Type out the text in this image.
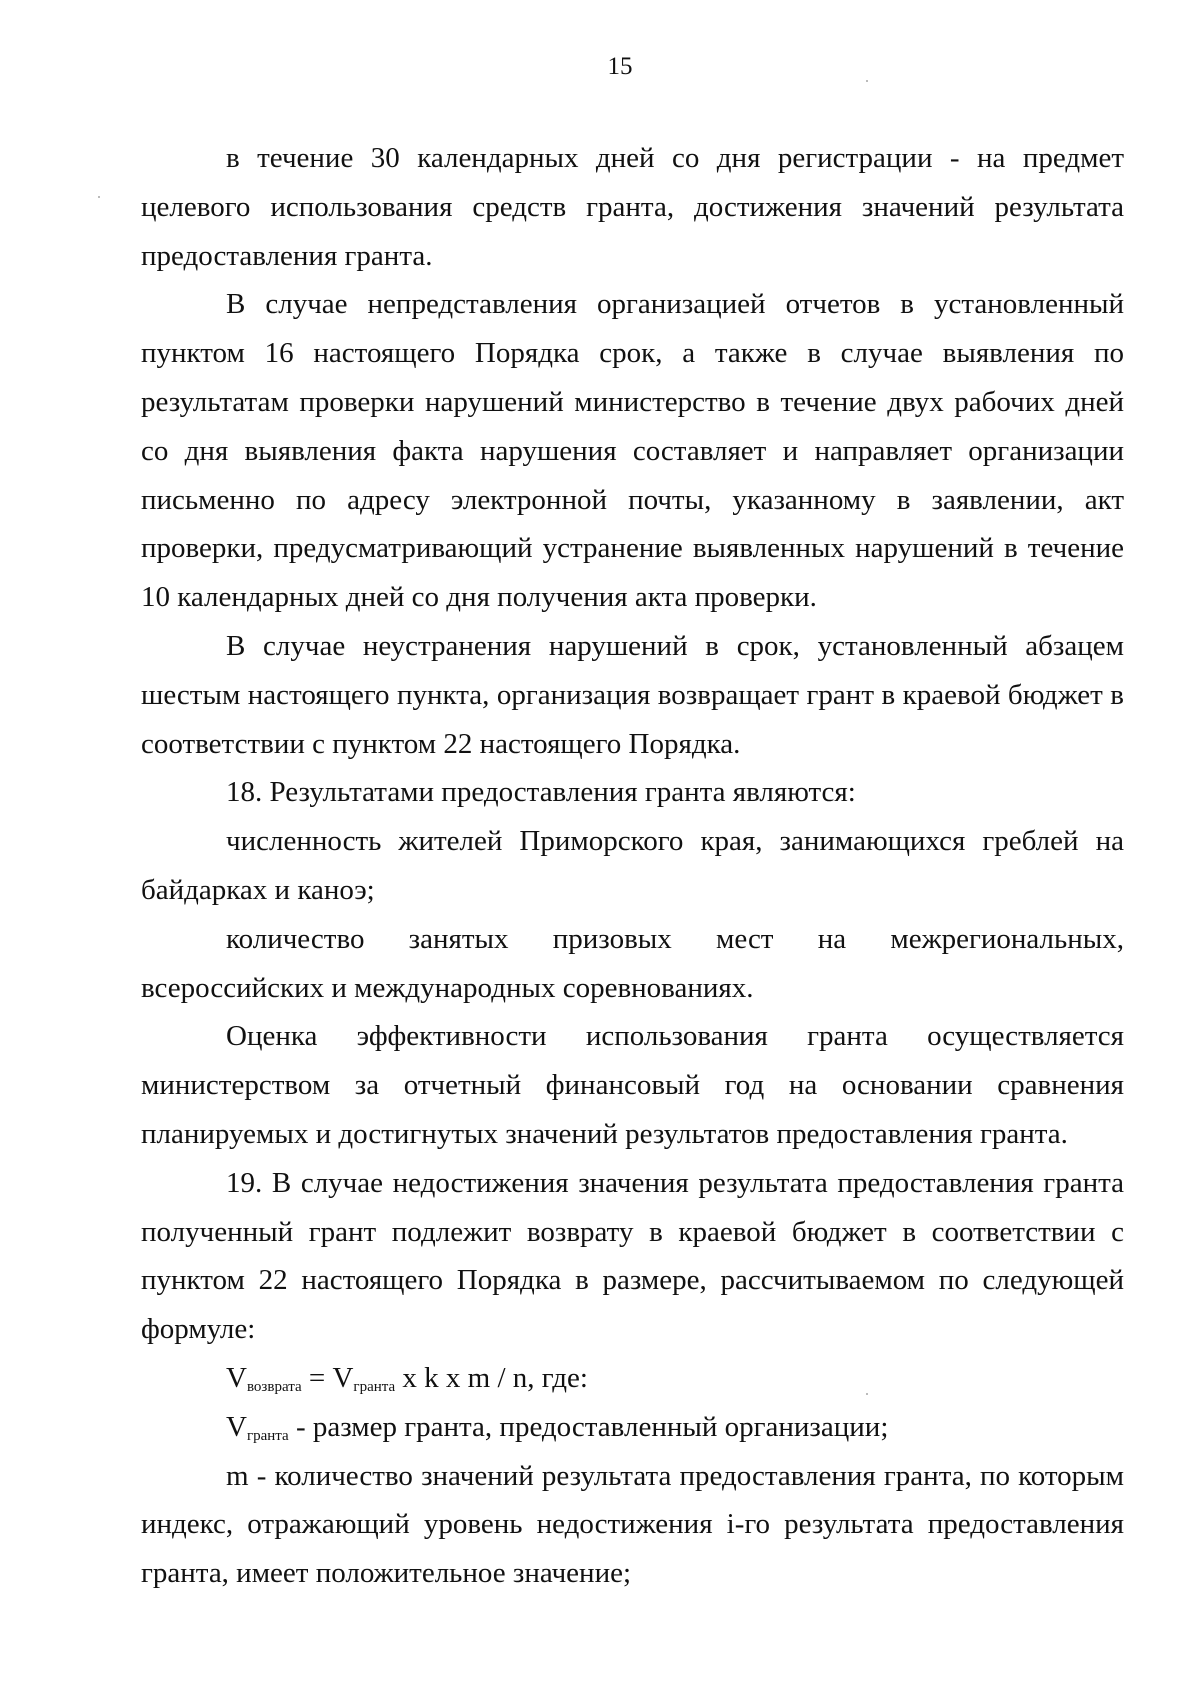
15

в течение 30 календарных дней со дня регистрации - на предмет целевого использования средств гранта, достижения значений результата предоставления гранта.

В случае непредставления организацией отчетов в установленный пунктом 16 настоящего Порядка срок, а также в случае выявления по результатам проверки нарушений министерство в течение двух рабочих дней со дня выявления факта нарушения составляет и направляет организации письменно по адресу электронной почты, указанному в заявлении, акт проверки, предусматривающий устранение выявленных нарушений в течение 10 календарных дней со дня получения акта проверки.

В случае неустранения нарушений в срок, установленный абзацем шестым настоящего пункта, организация возвращает грант в краевой бюджет в соответствии с пунктом 22 настоящего Порядка.

18. Результатами предоставления гранта являются:

численность жителей Приморского края, занимающихся греблей на байдарках и каноэ;

количество занятых призовых мест на межрегиональных, всероссийских и международных соревнованиях.

Оценка эффективности использования гранта осуществляется министерством за отчетный финансовый год на основании сравнения планируемых и достигнутых значений результатов предоставления гранта.

19. В случае недостижения значения результата предоставления гранта полученный грант подлежит возврату в краевой бюджет в соответствии с пунктом 22 настоящего Порядка в размере, рассчитываемом по следующей формуле:

$V_{возврата} = V_{гранта}$ x k x m / n, где:

$V_{гранта}$ - размер гранта, предоставленный организации;

m - количество значений результата предоставления гранта, по которым индекс, отражающий уровень недостижения i-го результата предоставления гранта, имеет положительное значение;
